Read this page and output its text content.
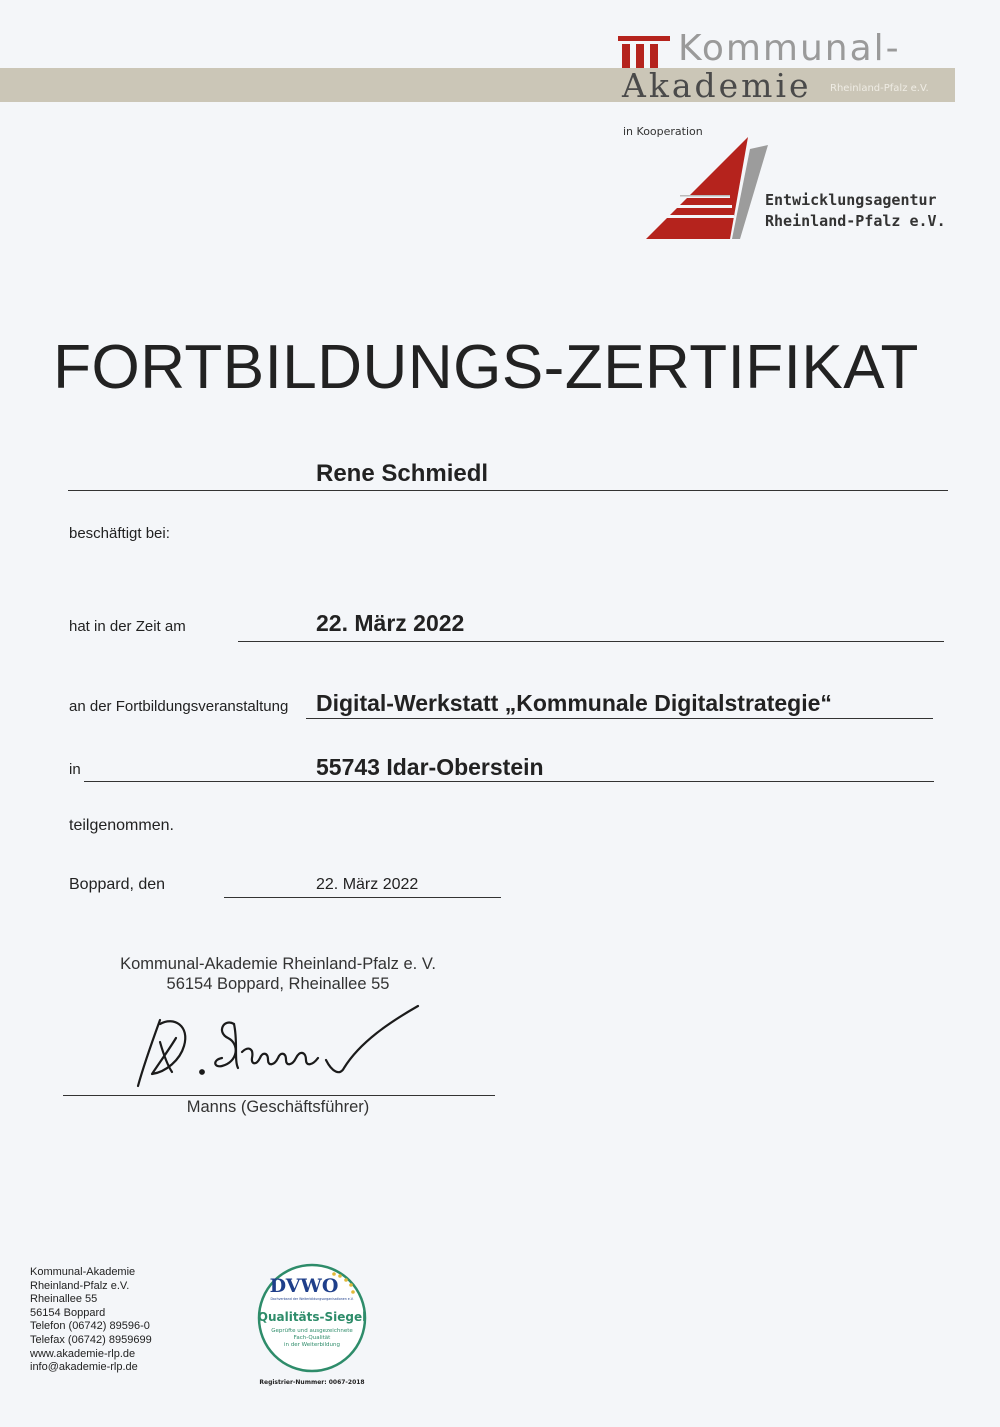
Kommunal-
Akademie Rheinland-Pfalz e.V.
in Kooperation
Entwicklungsagentur
Rheinland-Pfalz e.V.
FORTBILDUNGS-ZERTIFIKAT
Rene Schmiedl
beschäftigt bei:
hat in der Zeit am	22. März 2022
an der Fortbildungsveranstaltung Digital-Werkstatt „Kommunale Digitalstrategie“
in	55743 Idar-Oberstein
teilgenommen.
Boppard, den	22. März 2022
Kommunal-Akademie Rheinland-Pfalz e. V.
56154 Boppard, Rheinallee 55
Manns (Geschäftsführer)
Kommunal-Akademie
Rheinland-Pfalz e.V.
Rheinallee 55
56154 Boppard
Telefon (06742) 89596-0
Telefax (06742) 8959699
www.akademie-rlp.de
info@akademie-rlp.de
DVWO
Dachverband der Weiterbildungsorganisationen e.V.
Qualitäts-Siegel
Geprüfte und ausgezeichnete
Fach-Qualität
in der Weiterbildung
Registrier-Nummer: 0067-2018
